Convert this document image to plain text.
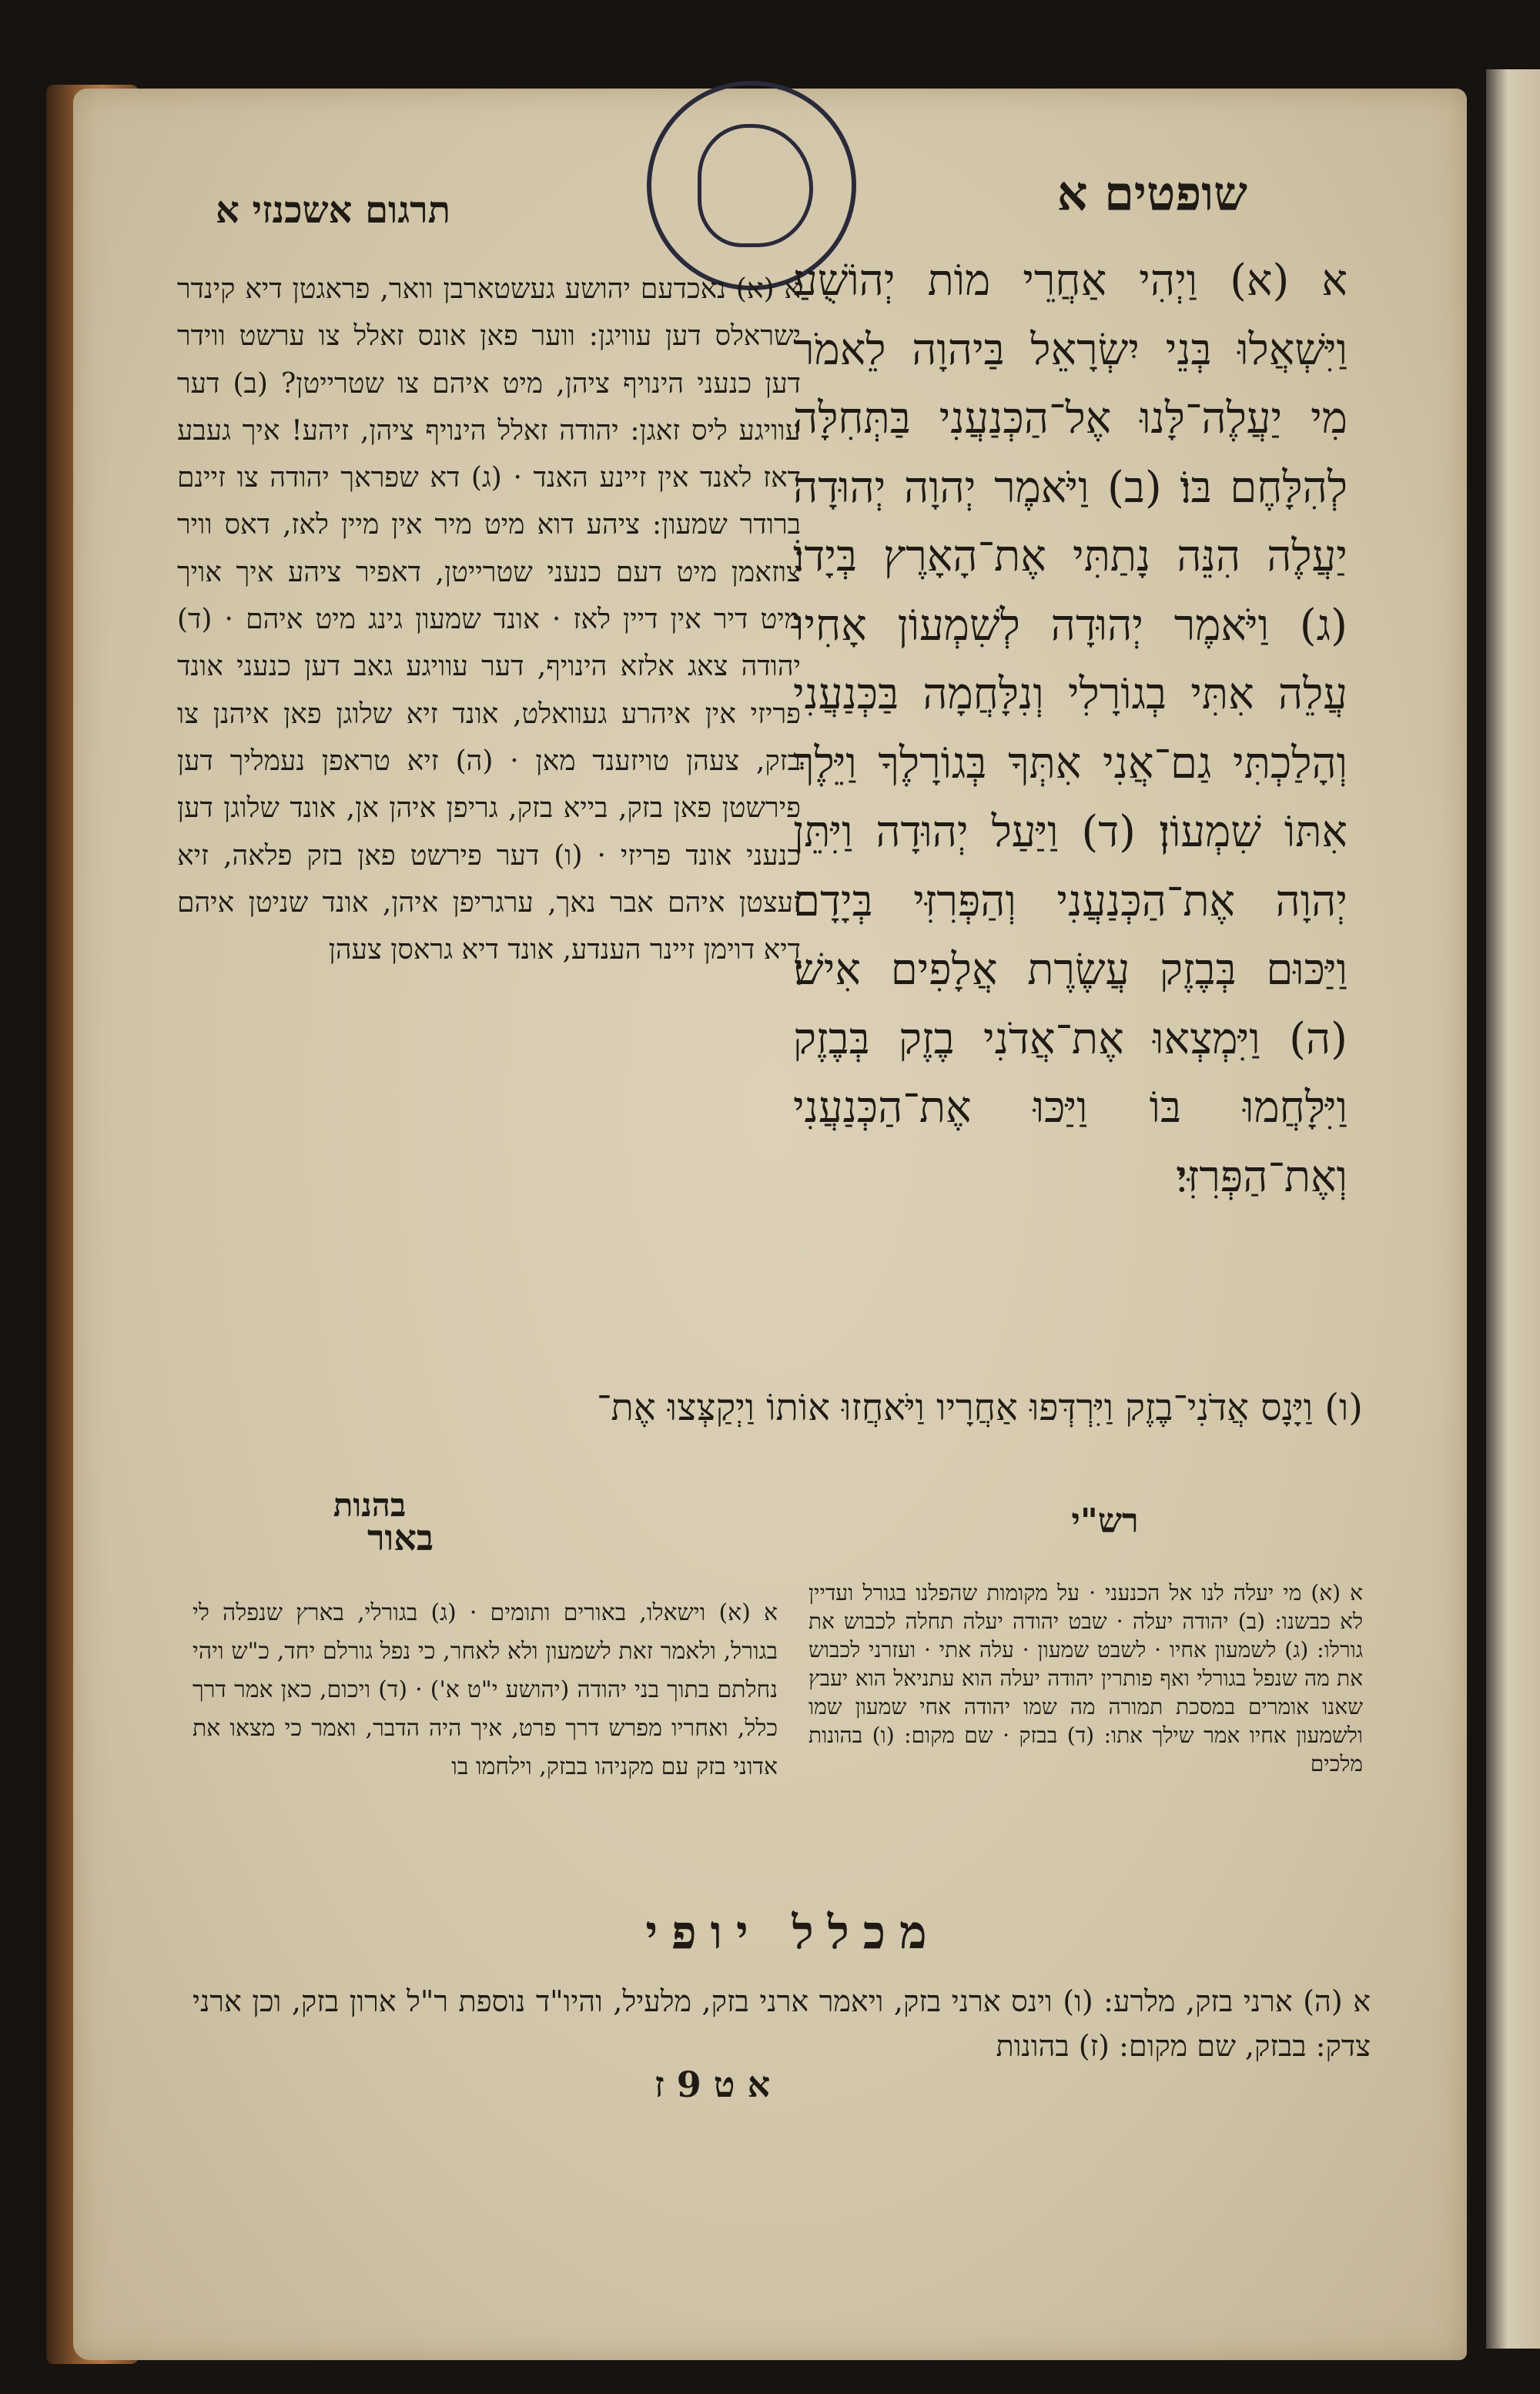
שופטים א
תרגום אשכנזי א
א (א) וַיְהִי אַחֲרֵי מוֹת יְהוֹשֻׁעַ וַיִּשְׁאֲלוּ בְּנֵי יִשְׂרָאֵל בַּיהוָה לֵאמֹר מִי יַעֲלֶה־לָּנוּ אֶל־הַכְּנַעֲנִי בַּתְּחִלָּה לְהִלָּחֶם בּוֹ׃ (ב) וַיֹּאמֶר יְהוָה יְהוּדָה יַעֲלֶה הִנֵּה נָתַתִּי אֶת־הָאָרֶץ בְּיָדוֹ׃ (ג) וַיֹּאמֶר יְהוּדָה לְשִׁמְעוֹן אָחִיו עֲלֵה אִתִּי בְגוֹרָלִי וְנִלָּחֲמָה בַּכְּנַעֲנִי וְהָלַכְתִּי גַם־אֲנִי אִתְּךָ בְּגוֹרָלֶךָ וַיֵּלֶךְ אִתּוֹ שִׁמְעוֹן׃ (ד) וַיַּעַל יְהוּדָה וַיִּתֵּן יְהוָה אֶת־הַכְּנַעֲנִי וְהַפְּרִזִּי בְּיָדָם וַיַּכּוּם בְּבֶזֶק עֲשֶׂרֶת אֲלָפִים אִישׁ׃ (ה) וַיִּמְצְאוּ אֶת־אֲדֹנִי בֶזֶק בְּבֶזֶק וַיִּלָּחֲמוּ בּוֹ וַיַּכּוּ אֶת־הַכְּנַעֲנִי וְאֶת־הַפְּרִזִּי׃
א (א) נאכדעם יהושע געשטארבן וואר, פראגטן דיא קינדר ישראלס דען עוויגן: ווער פאן אונס זאלל צו ערשט ווידר דען כנעני הינויף ציהן, מיט איהם צו שטרייטן? (ב) דער עוויגע ליס זאגן: יהודה זאלל הינויף ציהן, זיהע! איך געבע דאז לאנד אין זיינע האנד · (ג) דא שפראך יהודה צו זיינם ברודר שמעון: ציהע דוא מיט מיר אין מיין לאז, דאס וויר צוזאמן מיט דעם כנעני שטרייטן, דאפיר ציהע איך אויך מיט דיר אין דיין לאז · אונד שמעון גינג מיט איהם · (ד) יהודה צאג אלזא הינויף, דער עוויגע גאב דען כנעני אונד פריזי אין איהרע געוואלט, אונד זיא שלוגן פאן איהנן צו בזק, צעהן טויזענד מאן · (ה) זיא טראפן נעמליך דען פירשטן פאן בזק, בייא בזק, גריפן איהן אן, אונד שלוגן דען כנעני אונד פריזי · (ו) דער פירשט פאן בזק פלאה, זיא זעצטן איהם אבר נאך, ערגריפן איהן, אונד שניטן איהם דיא דוימן זיינר הענדע, אונד דיא גראסן צעהן
(ו) וַיָּנָס אֲדֹנִי־בֶזֶק וַיִּרְדְּפוּ אַחֲרָיו וַיֹּאחֲזוּ אוֹתוֹ וַיְקַצְּצוּ אֶת־
רש"י
בהנות
באור
א (א) מי יעלה לנו אל הכנעני · על מקומות שהפלנו בגורל ועדיין לא כבשנו: (ב) יהודה יעלה · שבט יהודה יעלה תחלה לכבוש את גורלו: (ג) לשמעון אחיו · לשבט שמעון · עלה אתי · ועזרני לכבוש את מה שנפל בגורלי ואף פותרין יהודה יעלה הוא עתניאל הוא יעבץ שאנו אומרים במסכת תמורה מה שמו יהודה אחי שמעון שמו ולשמעון אחיו אמר שילך אתו: (ד) בבזק · שם מקום: (ו) בהונות מלכים
א (א) וישאלו, באורים ותומים · (ג) בגורלי, בארץ שנפלה לי בגורל, ולאמר זאת לשמעון ולא לאחר, כי נפל גורלם יחד, כ"ש ויהי נחלתם בתוך בני יהודה (יהושע י"ט א') · (ד) ויכום, כאן אמר דרך כלל, ואחריו מפרש דרך פרט, איך היה הדבר, ואמר כי מצאו את אדוני בזק עם מקניהו בבזק, וילחמו בו
מכלל יופי
א (ה) ארני בזק, מלרע: (ו) וינס ארני בזק, ויאמר ארני בזק, מלעיל, והיו"ד נוספת ר"ל ארון בזק, וכן ארני צדק: בבזק, שם מקום: (ז) בהונות
א ט 9 ז
